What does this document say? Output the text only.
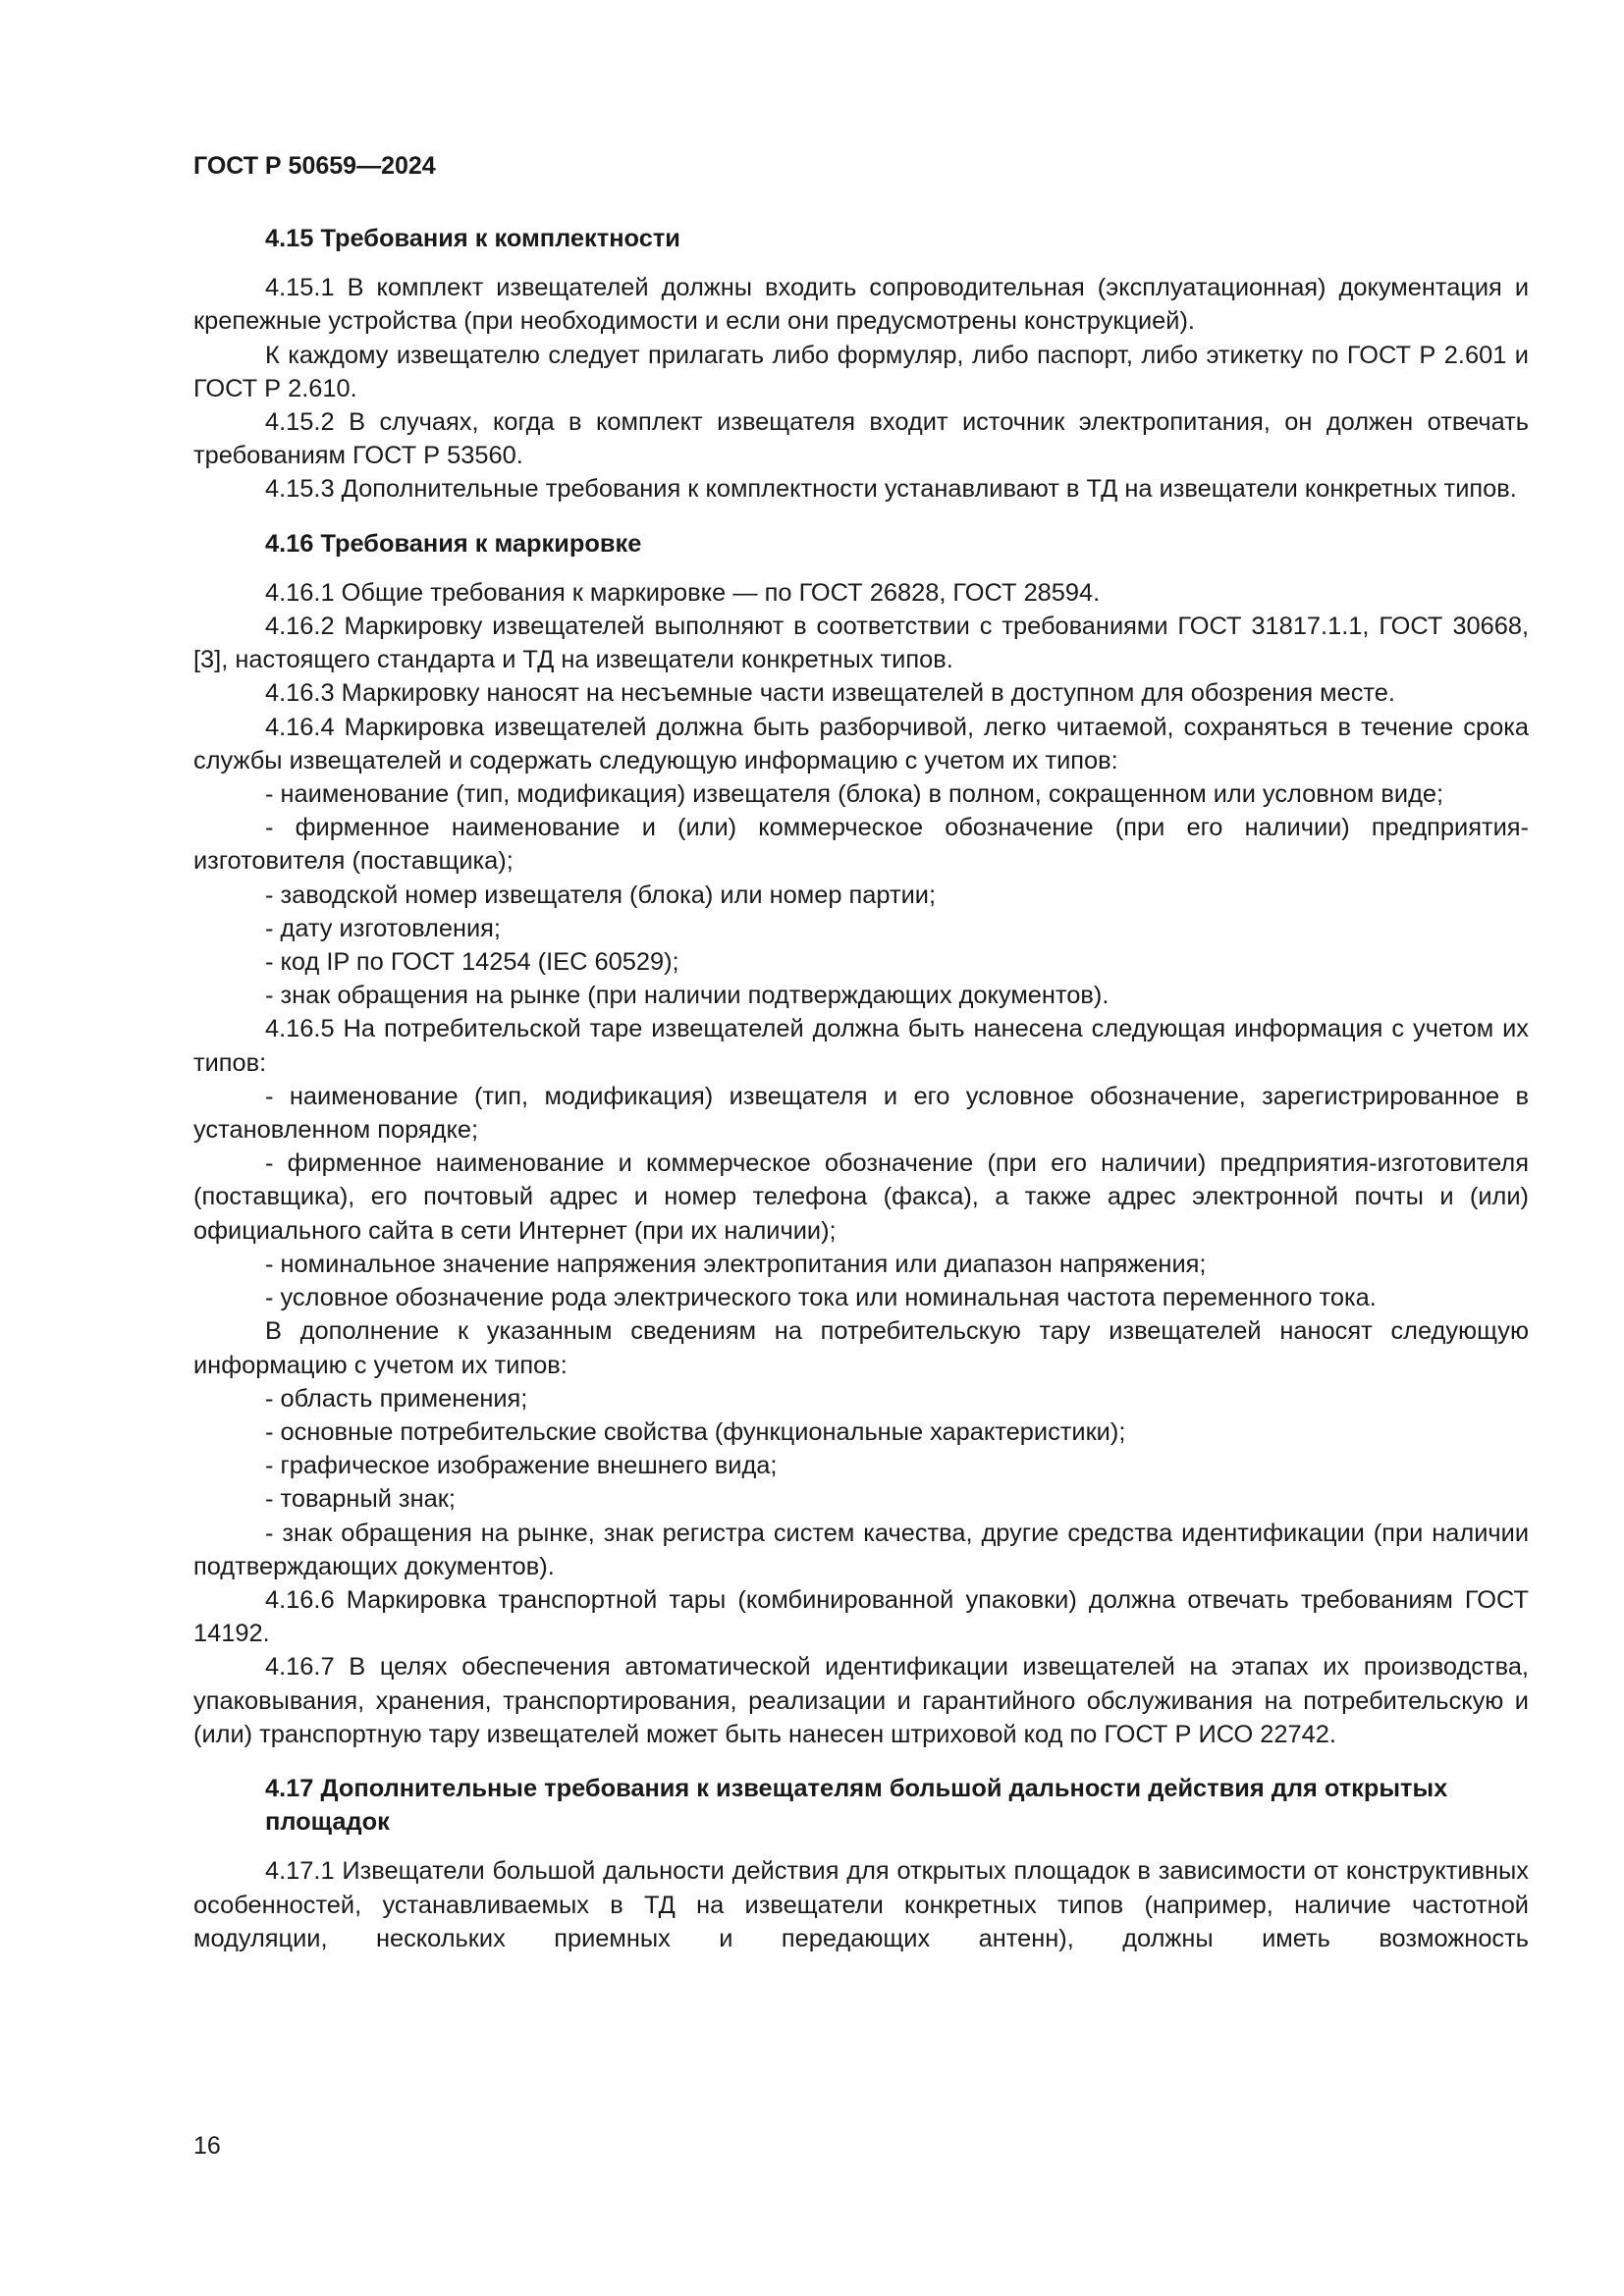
ГОСТ Р 50659—2024

4.15 Требования к комплектности

4.15.1 В комплект извещателей должны входить сопроводительная (эксплуатационная) документация и крепежные устройства (при необходимости и если они предусмотрены конструкцией).

К каждому извещателю следует прилагать либо формуляр, либо паспорт, либо этикетку по ГОСТ Р 2.601 и ГОСТ Р 2.610.

4.15.2 В случаях, когда в комплект извещателя входит источник электропитания, он должен отвечать требованиям ГОСТ Р 53560.

4.15.3 Дополнительные требования к комплектности устанавливают в ТД на извещатели конкретных типов.

4.16 Требования к маркировке

4.16.1 Общие требования к маркировке — по ГОСТ 26828, ГОСТ 28594.

4.16.2 Маркировку извещателей выполняют в соответствии с требованиями ГОСТ 31817.1.1, ГОСТ 30668, [3], настоящего стандарта и ТД на извещатели конкретных типов.

4.16.3 Маркировку наносят на несъемные части извещателей в доступном для обозрения месте.

4.16.4 Маркировка извещателей должна быть разборчивой, легко читаемой, сохраняться в течение срока службы извещателей и содержать следующую информацию с учетом их типов:

- наименование (тип, модификация) извещателя (блока) в полном, сокращенном или условном виде;

- фирменное наименование и (или) коммерческое обозначение (при его наличии) предприятия-изготовителя (поставщика);

- заводской номер извещателя (блока) или номер партии;

- дату изготовления;

- код IP по ГОСТ 14254 (IEC 60529);

- знак обращения на рынке (при наличии подтверждающих документов).

4.16.5 На потребительской таре извещателей должна быть нанесена следующая информация с учетом их типов:

- наименование (тип, модификация) извещателя и его условное обозначение, зарегистрированное в установленном порядке;

- фирменное наименование и коммерческое обозначение (при его наличии) предприятия-изготовителя (поставщика), его почтовый адрес и номер телефона (факса), а также адрес электронной почты и (или) официального сайта в сети Интернет (при их наличии);

- номинальное значение напряжения электропитания или диапазон напряжения;

- условное обозначение рода электрического тока или номинальная частота переменного тока.

В дополнение к указанным сведениям на потребительскую тару извещателей наносят следующую информацию с учетом их типов:

- область применения;

- основные потребительские свойства (функциональные характеристики);

- графическое изображение внешнего вида;

- товарный знак;

- знак обращения на рынке, знак регистра систем качества, другие средства идентификации (при наличии подтверждающих документов).

4.16.6 Маркировка транспортной тары (комбинированной упаковки) должна отвечать требованиям ГОСТ 14192.

4.16.7 В целях обеспечения автоматической идентификации извещателей на этапах их производства, упаковывания, хранения, транспортирования, реализации и гарантийного обслуживания на потребительскую и (или) транспортную тару извещателей может быть нанесен штриховой код по ГОСТ Р ИСО 22742.

4.17 Дополнительные требования к извещателям большой дальности действия для открытых площадок

4.17.1 Извещатели большой дальности действия для открытых площадок в зависимости от конструктивных особенностей, устанавливаемых в ТД на извещатели конкретных типов (например, наличие частотной модуляции, нескольких приемных и передающих антенн), должны иметь возможность

16
